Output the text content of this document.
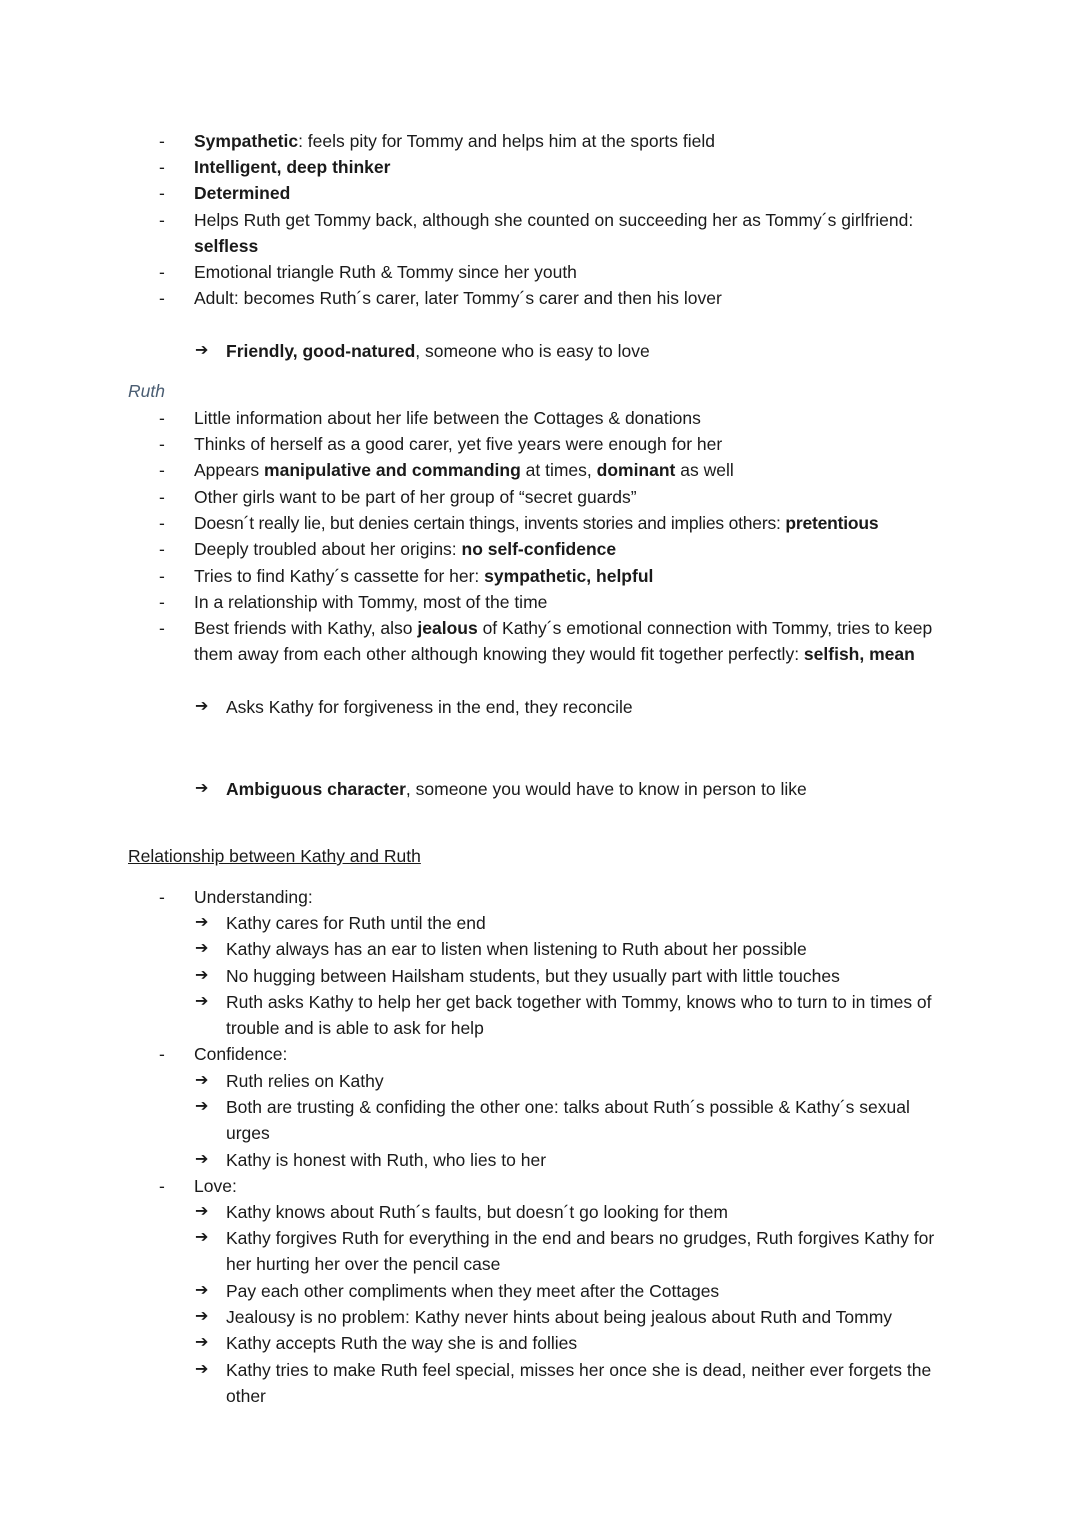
- Sympathetic: feels pity for Tommy and helps him at the sports field
- Intelligent, deep thinker
- Determined
- Helps Ruth get Tommy back, although she counted on succeeding her as Tommy´s girlfriend:
selfless
- Emotional triangle Ruth & Tommy since her youth
- Adult: becomes Ruth´s carer, later Tommy´s carer and then his lover
➔ Friendly, good-natured, someone who is easy to love
Ruth
- Little information about her life between the Cottages & donations
- Thinks of herself as a good carer, yet five years were enough for her
- Appears manipulative and commanding at times, dominant as well
- Other girls want to be part of her group of “secret guards”
- Doesn´t really lie, but denies certain things, invents stories and implies others: pretentious
- Deeply troubled about her origins: no self-confidence
- Tries to find Kathy´s cassette for her: sympathetic, helpful
- In a relationship with Tommy, most of the time
- Best friends with Kathy, also jealous of Kathy´s emotional connection with Tommy, tries to keep them away from each other although knowing they would fit together perfectly: selfish, mean
➔ Asks Kathy for forgiveness in the end, they reconcile
➔ Ambiguous character, someone you would have to know in person to like
Relationship between Kathy and Ruth
- Understanding:
➔ Kathy cares for Ruth until the end
➔ Kathy always has an ear to listen when listening to Ruth about her possible
➔ No hugging between Hailsham students, but they usually part with little touches
➔ Ruth asks Kathy to help her get back together with Tommy, knows who to turn to in times of trouble and is able to ask for help
- Confidence:
➔ Ruth relies on Kathy
➔ Both are trusting & confiding the other one: talks about Ruth´s possible & Kathy´s sexual urges
➔ Kathy is honest with Ruth, who lies to her
- Love:
➔ Kathy knows about Ruth´s faults, but doesn´t go looking for them
➔ Kathy forgives Ruth for everything in the end and bears no grudges, Ruth forgives Kathy for her hurting her over the pencil case
➔ Pay each other compliments when they meet after the Cottages
➔ Jealousy is no problem: Kathy never hints about being jealous about Ruth and Tommy
➔ Kathy accepts Ruth the way she is and follies
➔ Kathy tries to make Ruth feel special, misses her once she is dead, neither ever forgets the other
